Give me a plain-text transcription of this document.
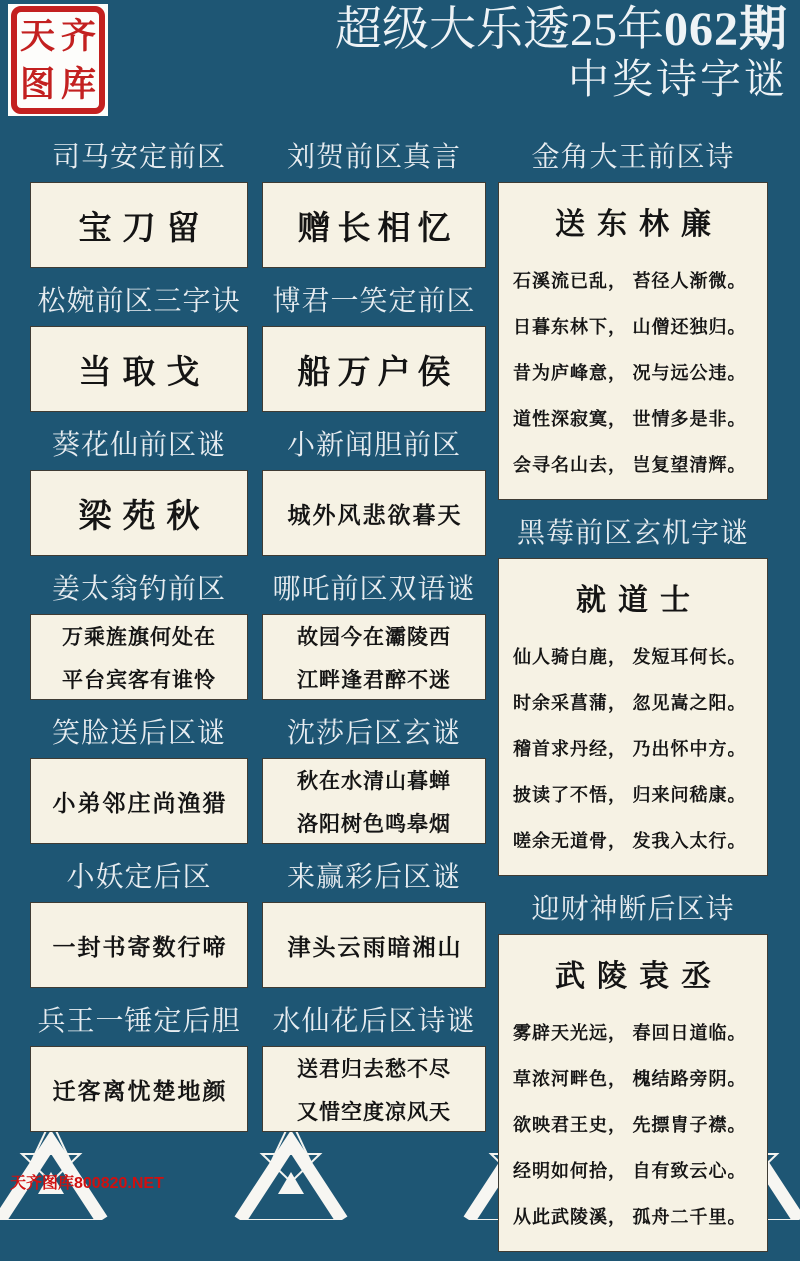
天 齐
图 库
超级大乐透25年062期
中奖诗字谜
司马安定前区
宝刀留
松婉前区三字诀
当取戈
葵花仙前区谜
梁苑秋
姜太翁钓前区
万乘旌旗何处在
平台宾客有谁怜
笑脸送后区谜
小弟邻庄尚渔猎
小妖定后区
一封书寄数行啼
兵王一锤定后胆
迁客离忧楚地颜
刘贺前区真言
赠长相忆
博君一笑定前区
船万户侯
小新闻胆前区
城外风悲欲暮天
哪吒前区双语谜
故园今在灞陵西
江畔逢君醉不迷
沈莎后区玄谜
秋在水清山暮蝉
洛阳树色鸣皋烟
来赢彩后区谜
津头云雨暗湘山
水仙花后区诗谜
送君归去愁不尽
又惜空度凉风天
金角大王前区诗
送东林廉
石溪流已乱， 苔径人渐微。
日暮东林下， 山僧还独归。
昔为庐峰意， 况与远公违。
道性深寂寞， 世情多是非。
会寻名山去， 岂复望清辉。
黑莓前区玄机字谜
就道士
仙人骑白鹿， 发短耳何长。
时余采菖蒲， 忽见嵩之阳。
稽首求丹经， 乃出怀中方。
披读了不悟， 归来问嵇康。
嗟余无道骨， 发我入太行。
迎财神断后区诗
武陵袁丞
雾辟天光远， 春回日道临。
草浓河畔色， 槐结路旁阴。
欲映君王史， 先摽胄子襟。
经明如何拾， 自有致云心。
从此武陵溪， 孤舟二千里。
天齐图库800820.NET
